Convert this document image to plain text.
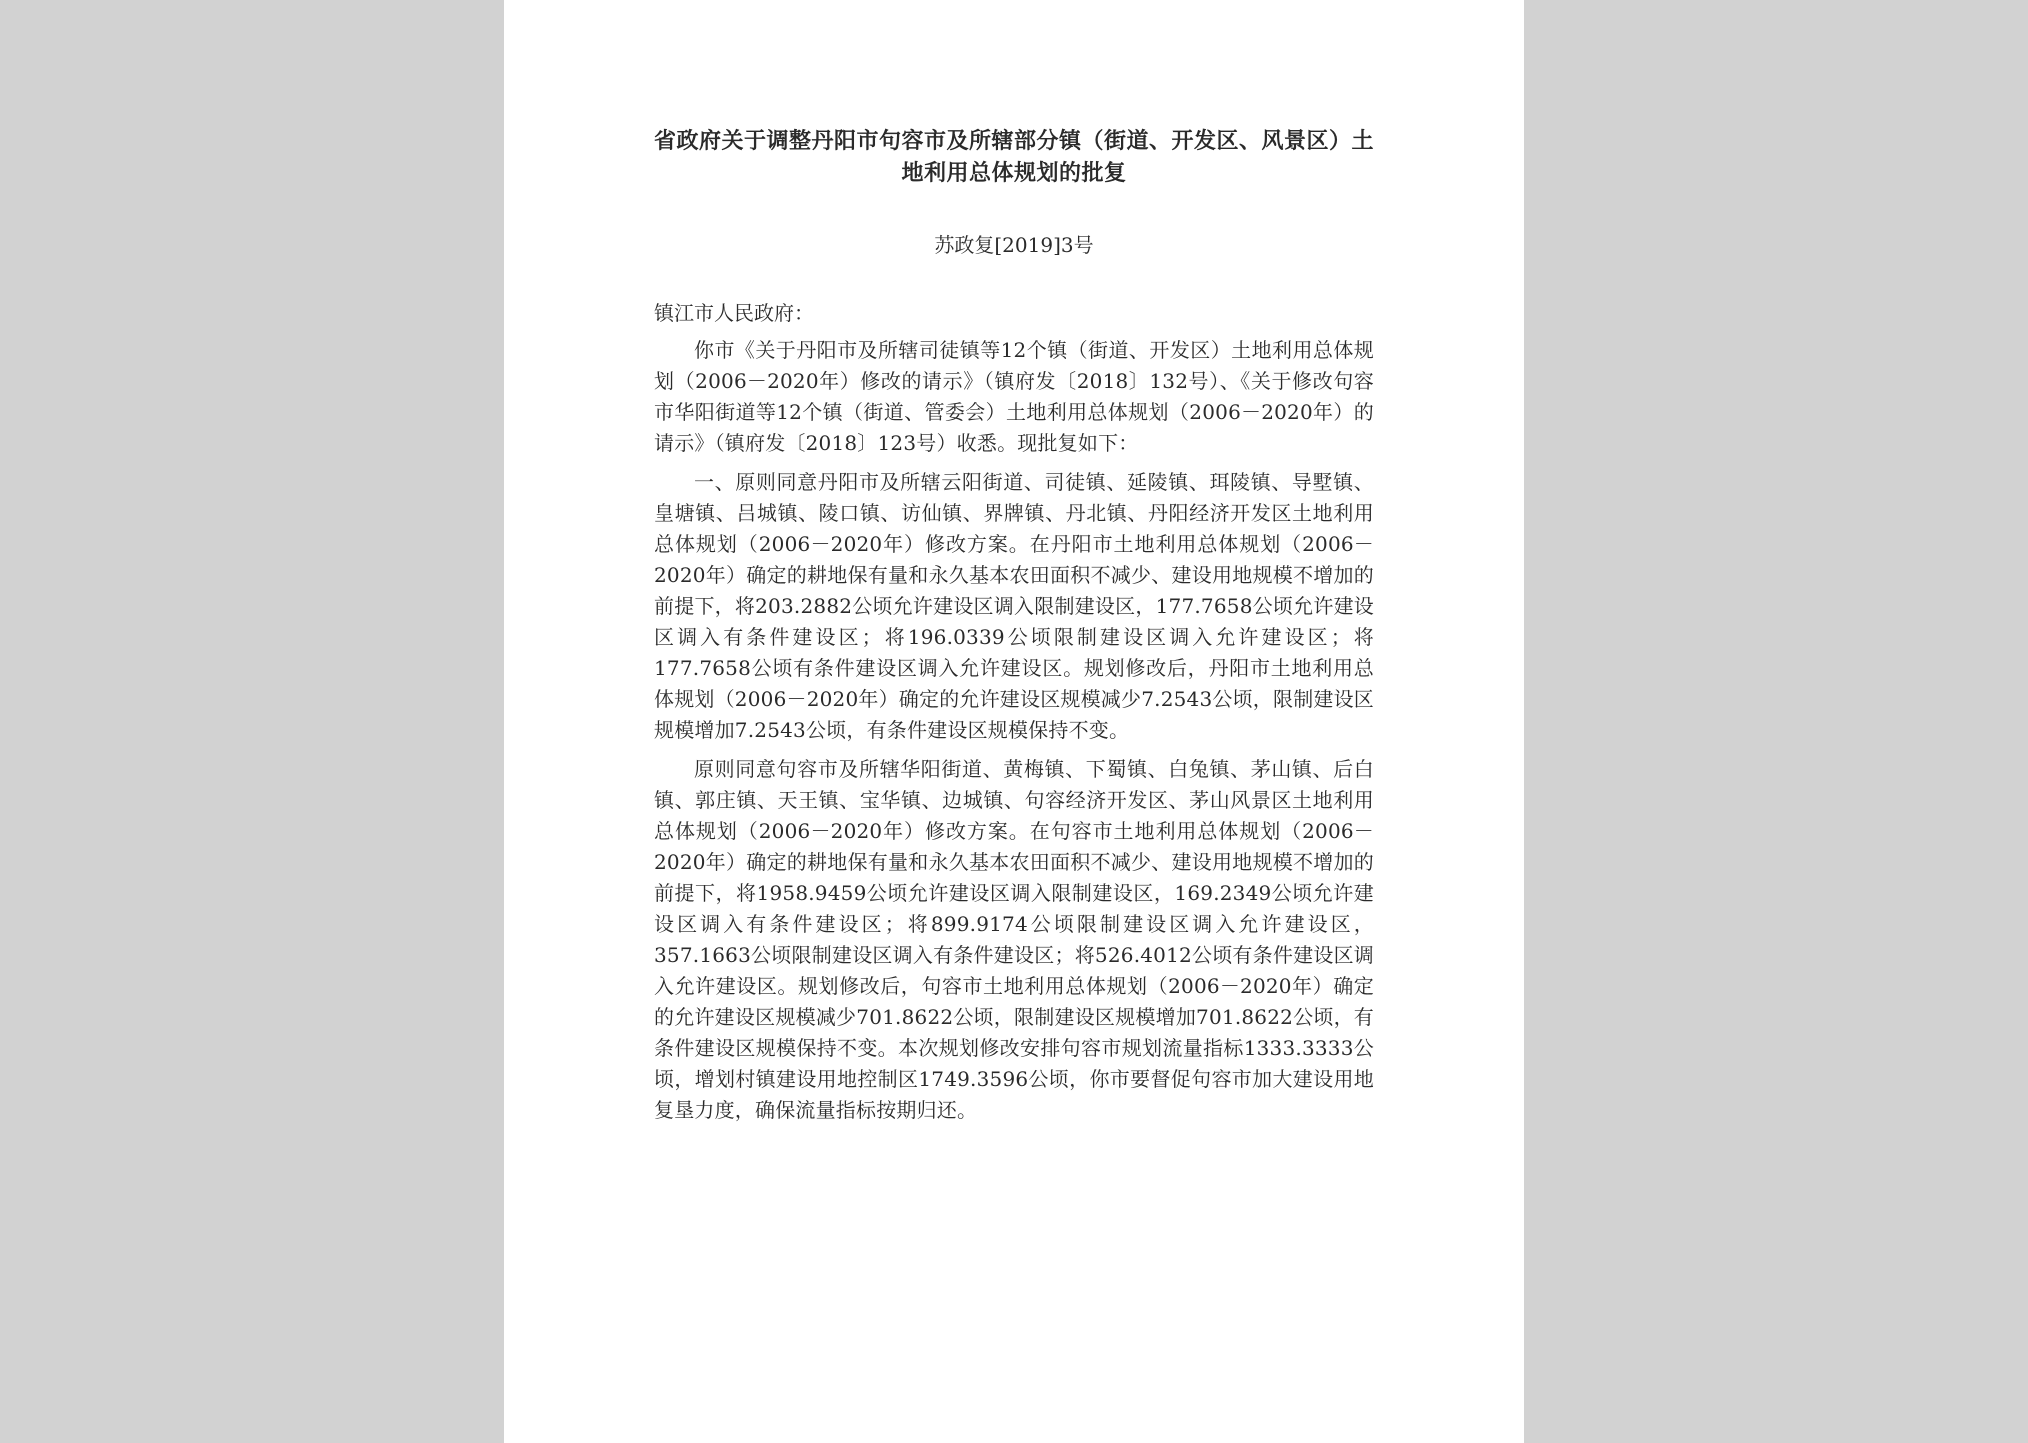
省政府关于调整丹阳市句容市及所辖部分镇（街道、开发区、风景区）土地利用总体规划的批复
苏政复[2019]3号
镇江市人民政府：

你市《关于丹阳市及所辖司徒镇等12个镇（街道、开发区）土地利用总体规划（2006－2020年）修改的请示》（镇府发〔2018〕132号）、《关于修改句容市华阳街道等12个镇（街道、管委会）土地利用总体规划（2006－2020年）的请示》（镇府发〔2018〕123号）收悉。现批复如下：

一、原则同意丹阳市及所辖云阳街道、司徒镇、延陵镇、珥陵镇、导墅镇、皇塘镇、吕城镇、陵口镇、访仙镇、界牌镇、丹北镇、丹阳经济开发区土地利用总体规划（2006－2020年）修改方案。在丹阳市土地利用总体规划（2006－2020年）确定的耕地保有量和永久基本农田面积不减少、建设用地规模不增加的前提下，将203.2882公顷允许建设区调入限制建设区，177.7658公顷允许建设区调入有条件建设区；将196.0339公顷限制建设区调入允许建设区；将177.7658公顷有条件建设区调入允许建设区。规划修改后，丹阳市土地利用总体规划（2006－2020年）确定的允许建设区规模减少7.2543公顷，限制建设区规模增加7.2543公顷，有条件建设区规模保持不变。

原则同意句容市及所辖华阳街道、黄梅镇、下蜀镇、白兔镇、茅山镇、后白镇、郭庄镇、天王镇、宝华镇、边城镇、句容经济开发区、茅山风景区土地利用总体规划（2006－2020年）修改方案。在句容市土地利用总体规划（2006－2020年）确定的耕地保有量和永久基本农田面积不减少、建设用地规模不增加的前提下，将1958.9459公顷允许建设区调入限制建设区，169.2349公顷允许建设区调入有条件建设区；将899.9174公顷限制建设区调入允许建设区，357.1663公顷限制建设区调入有条件建设区；将526.4012公顷有条件建设区调入允许建设区。规划修改后，句容市土地利用总体规划（2006－2020年）确定的允许建设区规模减少701.8622公顷，限制建设区规模增加701.8622公顷，有条件建设区规模保持不变。本次规划修改安排句容市规划流量指标1333.3333公顷，增划村镇建设用地控制区1749.3596公顷，你市要督促句容市加大建设用地复垦力度，确保流量指标按期归还。
